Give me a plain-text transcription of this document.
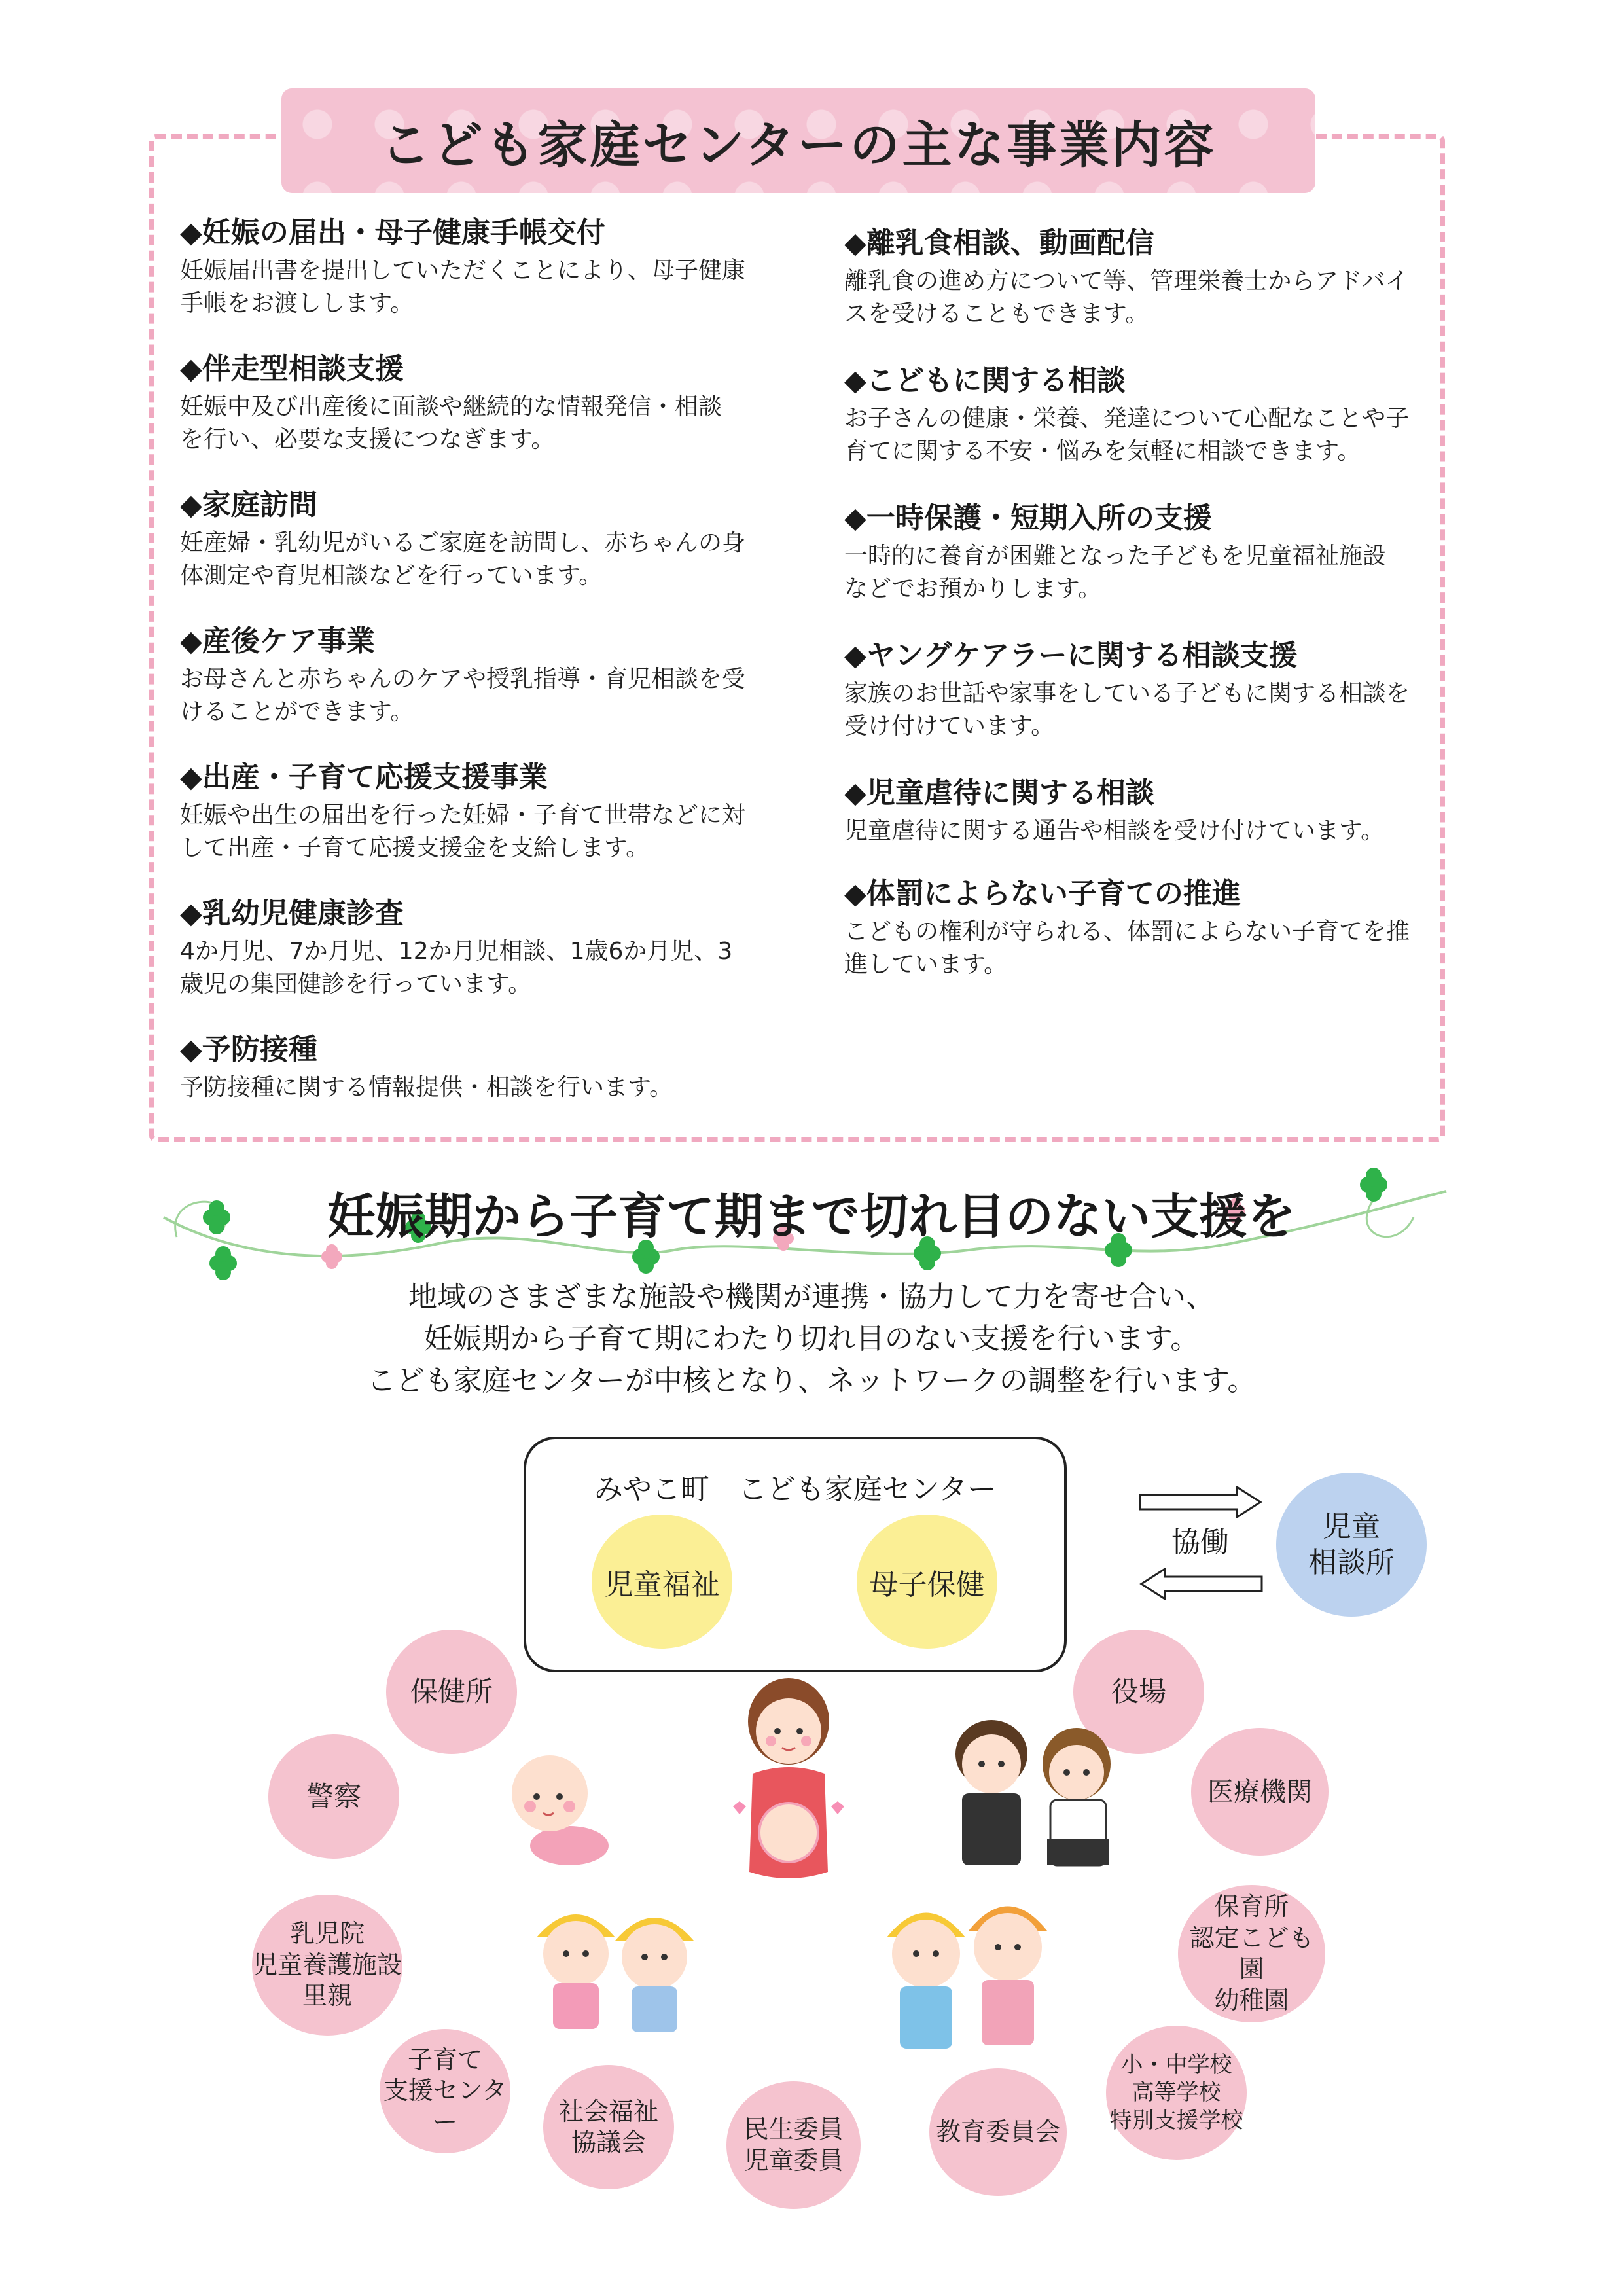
こども家庭センターの主な事業内容

◆妊娠の届出・母子健康手帳交付

妊娠届出書を提出していただくことにより、母子健康
手帳をお渡しします。

◆伴走型相談支援

妊娠中及び出産後に面談や継続的な情報発信・相談
を行い、必要な支援につなぎます。

◆家庭訪問

妊産婦・乳幼児がいるご家庭を訪問し、赤ちゃんの身
体測定や育児相談などを行っています。

◆産後ケア事業

お母さんと赤ちゃんのケアや授乳指導・育児相談を受
けることができます。

◆出産・子育て応援支援事業

妊娠や出生の届出を行った妊婦・子育て世帯などに対
して出産・子育て応援支援金を支給します。

◆乳幼児健康診査

4か月児、7か月児、12か月児相談、1歳6か月児、3
歳児の集団健診を行っています。

◆予防接種

予防接種に関する情報提供・相談を行います。

◆離乳食相談、動画配信

離乳食の進め方について等、管理栄養士からアドバイ
スを受けることもできます。

◆こどもに関する相談

お子さんの健康・栄養、発達について心配なことや子
育てに関する不安・悩みを気軽に相談できます。

◆一時保護・短期入所の支援

一時的に養育が困難となった子どもを児童福祉施設
などでお預かりします。

◆ヤングケアラーに関する相談支援

家族のお世話や家事をしている子どもに関する相談を
受け付けています。

◆児童虐待に関する相談

児童虐待に関する通告や相談を受け付けています。

◆体罰によらない子育ての推進

こどもの権利が守られる、体罰によらない子育てを推
進しています。

妊娠期から子育て期まで切れ目のない支援を

地域のさまざまな施設や機関が連携・協力して力を寄せ合い、

妊娠期から子育て期にわたり切れ目のない支援を行います。

こども家庭センターが中核となり、ネットワークの調整を行います。

みやこ町　こども家庭センター
児童福祉	母子保健
協働	児童
相談所
保健所
警察
乳児院
児童養護施設
里親
子育て
支援センター	社会福祉
協議会	民生委員
児童委員
教育委員会
小・中学校
高等学校
特別支援学校
保育所
認定こども園
幼稚園
医療機関
役場
